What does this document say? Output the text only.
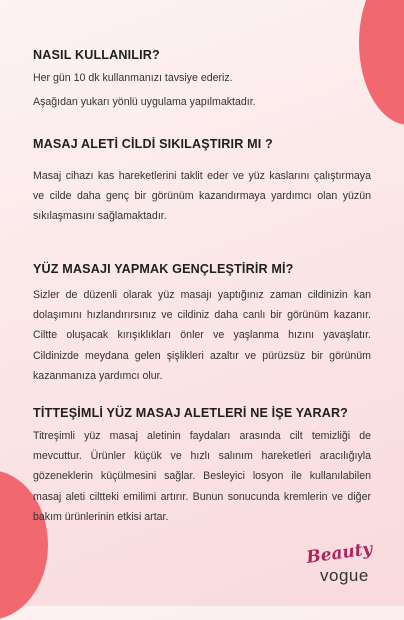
NASIL KULLANILIR?

Her gün 10 dk kullanmanızı tavsiye ederiz.

Aşağıdan yukarı yönlü uygulama yapılmaktadır.

MASAJ ALETİ CİLDİ SIKILAŞTIRIR MI ?

Masaj cihazı kas hareketlerini taklit eder ve yüz kaslarını çalıştırmaya ve cilde daha genç bir görünüm kazandırmaya yardımcı olan yüzün sıkılaşmasını sağlamaktadır.

YÜZ MASAJI YAPMAK GENÇLEŞTİRİR Mİ?

Sizler de düzenli olarak yüz masajı yaptığınız zaman cildinizin kan dolaşımını hızlandırırsınız ve cildiniz daha canlı bir görünüm kazanır. Ciltte oluşacak kırışıklıkları önler ve yaşlanma hızını yavaşlatır. Cildinizde meydana gelen şişlikleri azaltır ve pürüzsüz bir görünüm kazanmanıza yardımcı olur.

TİTTEŞİMLİ YÜZ MASAJ ALETLERİ NE İŞE YARAR?

Titreşimli yüz masaj aletinin faydaları arasında cilt temizliği de mevcuttur. Ürünler küçük ve hızlı salınım hareketleri aracılığıyla gözeneklerin küçülmesini sağlar. Besleyici losyon ile kullanılabilen masaj aleti ciltteki emilimi artırır. Bunun sonucunda kremlerin ve diğer bakım ürünlerinin etkisi artar.

Beauty
vogue
